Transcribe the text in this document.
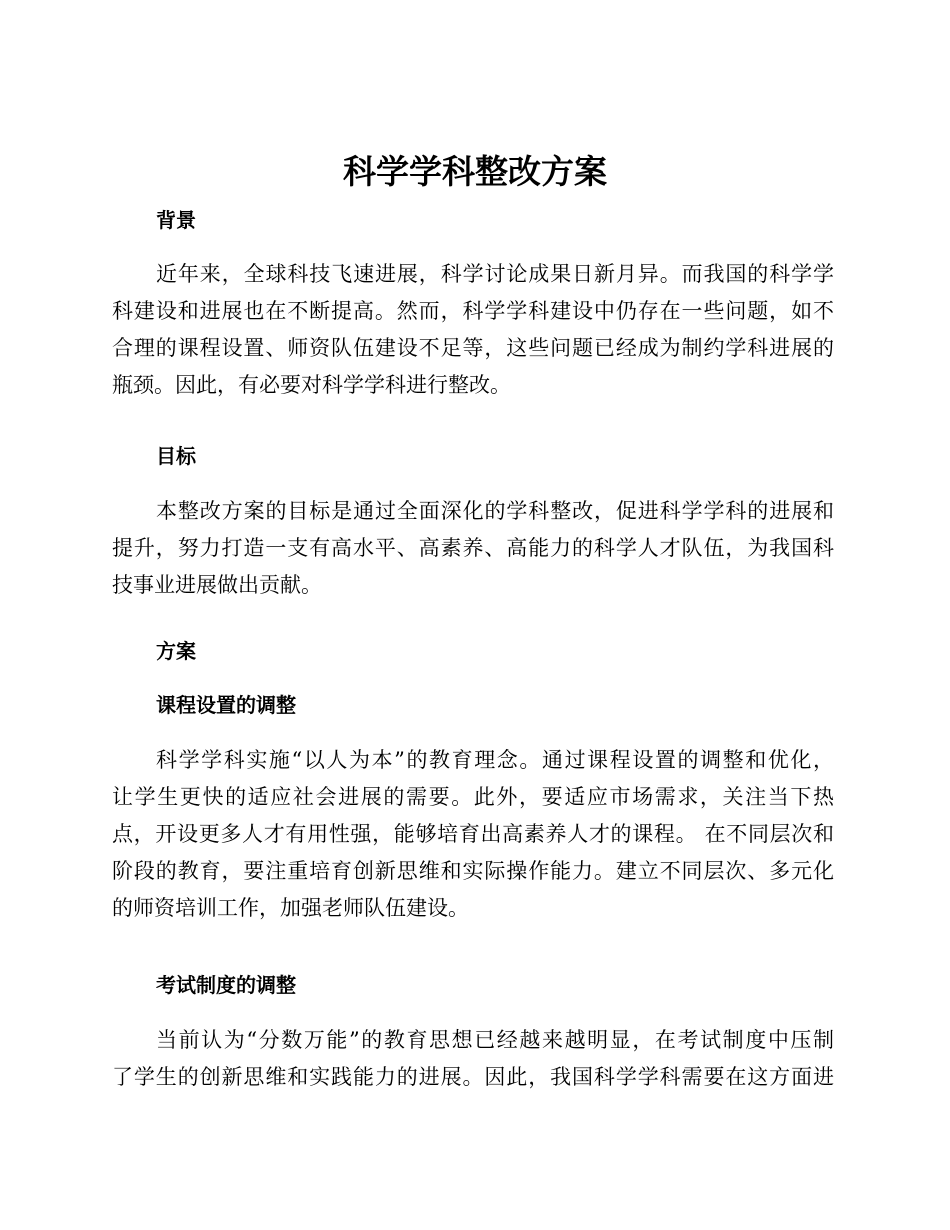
科学学科整改方案
背景
近年来，全球科技飞速进展，科学讨论成果日新月异。而我国的科学学
科建设和进展也在不断提高。然而，科学学科建设中仍存在一些问题，如不
合理的课程设置、师资队伍建设不足等，这些问题已经成为制约学科进展的
瓶颈。因此，有必要对科学学科进行整改。
目标
本整改方案的目标是通过全面深化的学科整改，促进科学学科的进展和
提升，努力打造一支有高水平、高素养、高能力的科学人才队伍，为我国科
技事业进展做出贡献。
方案
课程设置的调整
科学学科实施“以人为本”的教育理念。通过课程设置的调整和优化，
让学生更快的适应社会进展的需要。此外，要适应市场需求，关注当下热
点，开设更多人才有用性强，能够培育出高素养人才的课程。 在不同层次和
阶段的教育，要注重培育创新思维和实际操作能力。建立不同层次、多元化
的师资培训工作，加强老师队伍建设。
考试制度的调整
当前认为“分数万能”的教育思想已经越来越明显，在考试制度中压制
了学生的创新思维和实践能力的进展。因此，我国科学学科需要在这方面进
